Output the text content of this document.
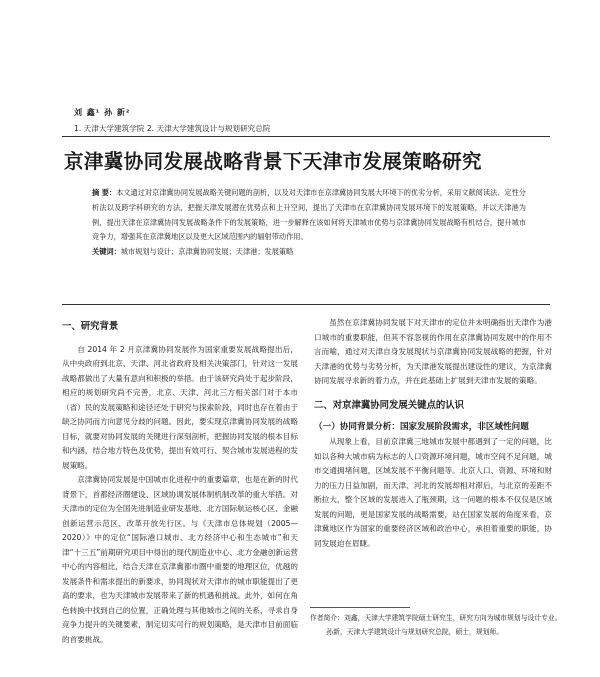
刘 鑫¹ 孙 新²
1. 天津大学建筑学院 2. 天津大学建筑设计与规划研究总院
京津冀协同发展战略背景下天津市发展策略研究
摘 要：本文通过对京津冀协同发展战略关键问题的剖析，以及对天津市在京津冀协同发展大环境下的优劣分析，采用文献阅读法、定性分析法以及跨学科研究的方法，把握天津发展潜在优势点和上升空间，提出了天津市在京津冀协同发展环境下的发展策略，并以天津港为例，提出天津在京津冀协同发展战略条件下的发展策略，进一步解释在该如何将天津城市优势与京津冀协同发展战略有机结合，提升城市竞争力，增强其在京津冀地区以及更大区域范围内的辐射带动作用。
关键词：城市规划与设计；京津冀协同发展；天津港；发展策略
一、研究背景

自 2014 年 2 月京津冀协同发展作为国家重要发展战略提出后，从中央政府到北京、天津、河北省政府及相关决策部门，针对这一发展战略都做出了大量有意向和积极的举措。由于该研究尚处于起步阶段，相应的规划研究尚不完善，北京、天津、河北三方相关部门对于本市（省）民的发展策略和途径还处于研究与探索阶段，同时也存在着由于缺乏协同而方向意见分歧的问题。因此，要实现京津冀协同发展的战略目标，就要对协同发展的关键进行深刻剖析，把握协同发展的根本目标和内涵，结合地方特色及优势，提出有效可行、契合城市发展进程的发展策略。

京津冀协同发展是中国城市化进程中的重要篇章，也是在新的时代背景下，首都经济圈建设、区域协调发展体制机制改革的重大举措。对天津市的定位为全国先进制造业研发基地、北方国际航运核心区、金融创新运营示范区、改革开放先行区。与《天津市总体规划（2005—2020）》中的定位“国际港口城市、北方经济中心和生态城市”和天津“十三五”前期研究项目中得出的现代制造业中心、北方金融创新运营中心的内容相比，结合天津在京津冀都市圈中重要的地理区位，优越的发展条件和需求提出的新要求，协同现状对天津市的城市职能提出了更高的要求，也为天津城市发展带来了新的机遇和挑战。此外，如何在角色转换中找到自己的位置，正确处理与其他城市之间的关系，寻求自身竞争力提升的关键要素，制定切实可行的规划策略，是天津市目前面临的首要挑战。

虽然在京津冀协同发展下对天津市的定位并未明确指出天津作为港口城市的重要职能，但其不容忽视的作用在京津冀协同发展中的作用不言而喻，通过对天津自身发展现状与京津冀协同发展战略的把握，针对天津港的优势与劣势分析，为天津港发展提出建设性的建议，为京津冀协同发展寻求新的着力点，并在此基础上扩展到天津市发展的策略。

二、对京津冀协同发展关键点的认识
（一）协同背景分析：国家发展阶段需求，非区域性问题

从现象上看，目前京津冀三地城市发展中都遇到了一定的问题，比如以各种大城市病为标志的人口资源环境问题，城市空间不足问题，城市交通拥堵问题，区域发展不平衡问题等。北京人口、资源、环境和财力的压力日益加剧，而天津、河北的发展却相对滞后，与北京的差距不断拉大，整个区域的发展进入了瓶颈期，这一问题的根本不仅仅是区域发展的问题，更是国家发展的战略需要，站在国家发展的角度来看，京津冀地区作为国家的重要经济区域和政治中心，承担着重要的职能，协同发展迫在眉睫。

作者简介：刘鑫，天津大学建筑学院硕士研究生，研究方向为城市规划与设计专业。
孙新，天津大学建筑设计与规划研究总院，硕士，规划师。
